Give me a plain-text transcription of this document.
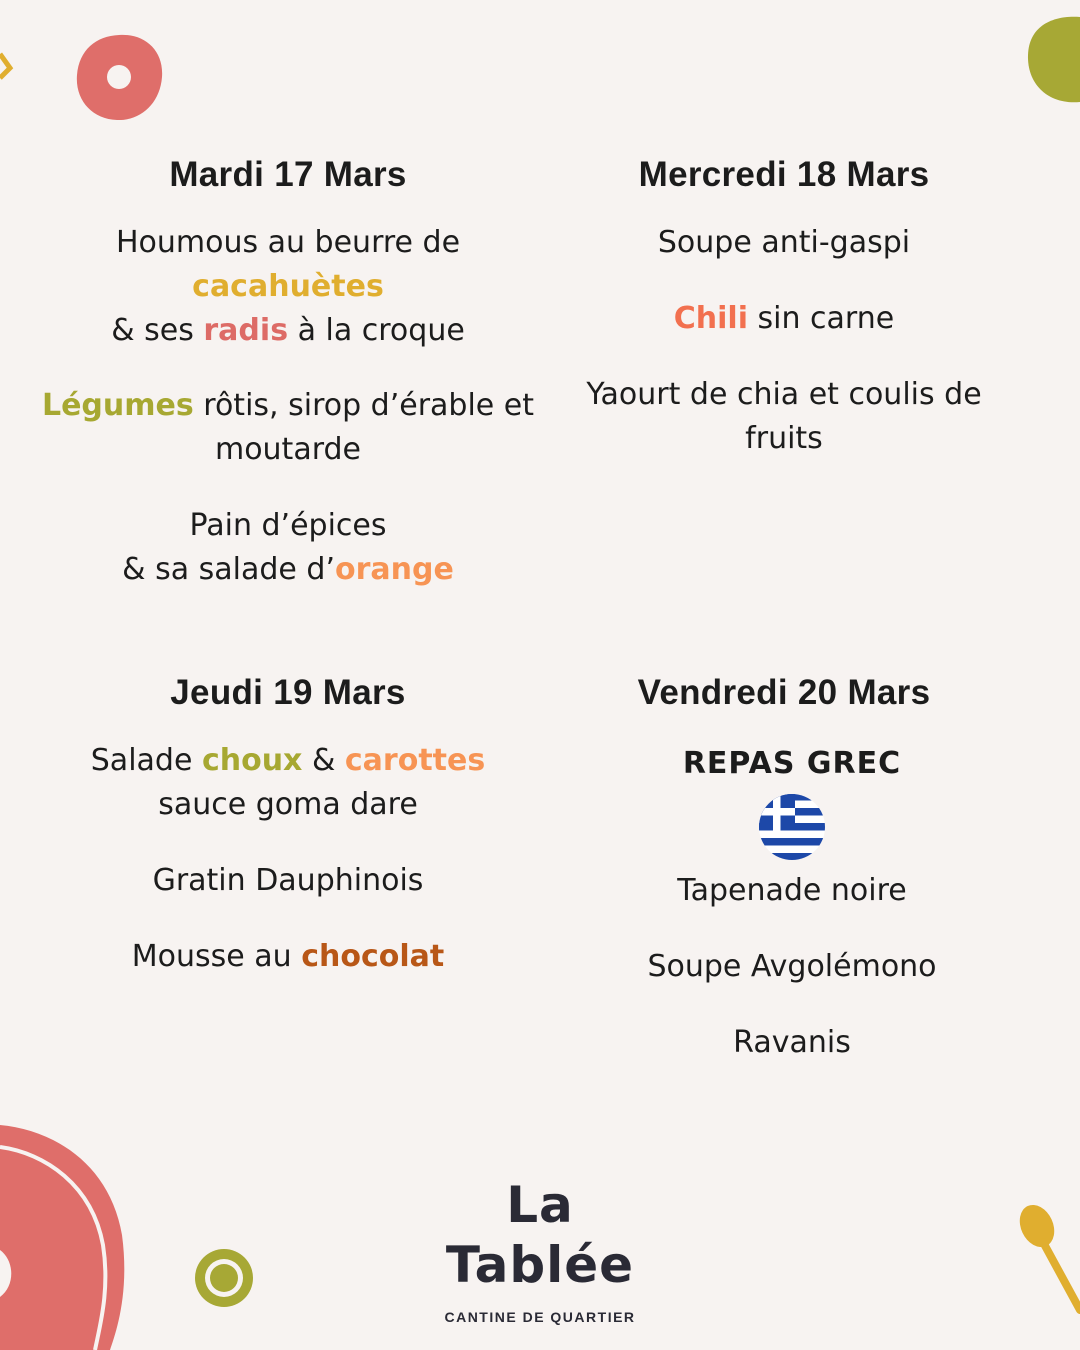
Mardi 17 Mars

Houmous au beurre de
cacahuètes
& ses radis à la croque

Légumes rôtis, sirop d’érable et
moutarde

Pain d’épices
& sa salade d’orange

Mercredi 18 Mars

Soupe anti-gaspi

Chili sin carne

Yaourt de chia et coulis de
fruits

Jeudi 19 Mars

Salade choux & carottes
sauce goma dare

Gratin Dauphinois

Mousse au chocolat

Vendredi 20 Mars

REPAS GREC

Tapenade noire

Soupe Avgolémono

Ravanis

La Tablée
CANTINE DE QUARTIER
